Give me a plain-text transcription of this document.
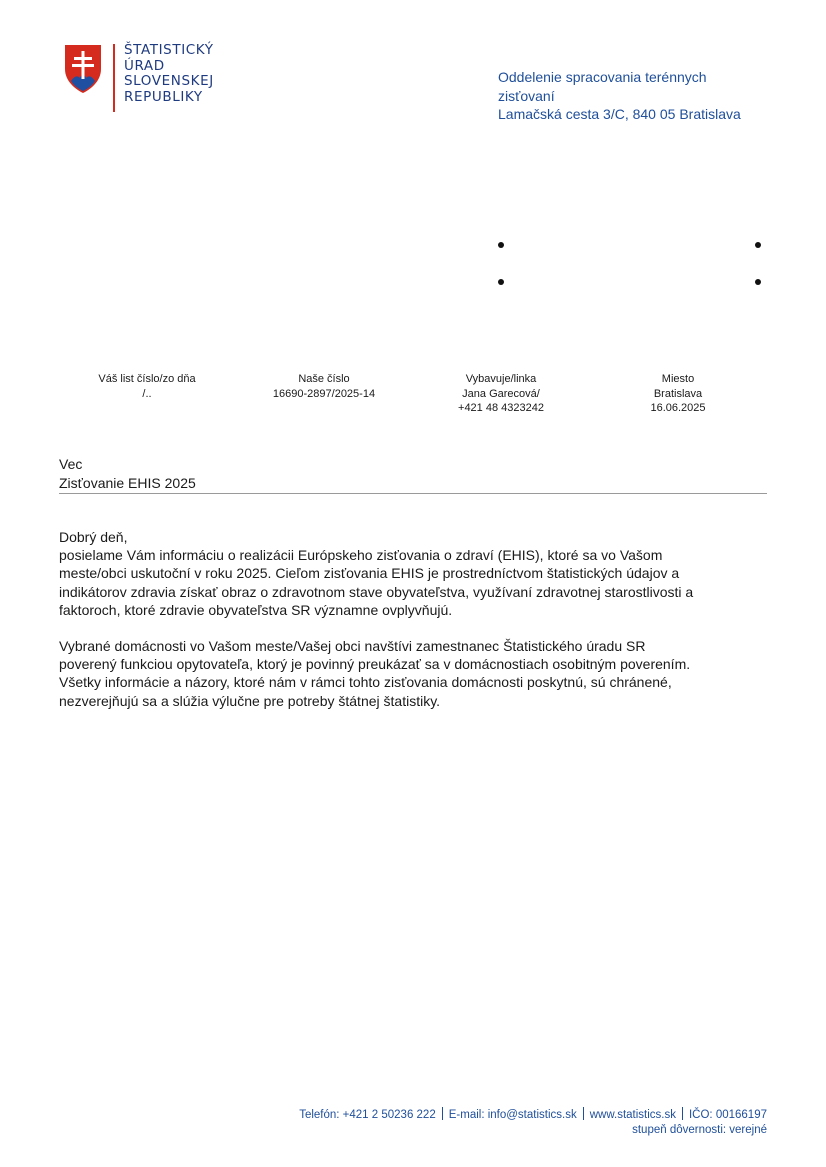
ŠTATISTICKÝ
ÚRAD
SLOVENSKEJ
REPUBLIKY
Oddelenie spracovania terénnych
zisťovaní
Lamačská cesta 3/C, 840 05 Bratislava
Váš list číslo/zo dňa
/..
Naše číslo
16690-2897/2025-14
Vybavuje/linka
Jana Garecová/
+421 48 4323242
Miesto
Bratislava
16.06.2025
Vec
Zisťovanie EHIS 2025

Dobrý deň,
posielame Vám informáciu o realizácii Európskeho zisťovania o zdraví (EHIS), ktoré sa vo Vašom
meste/obci uskutoční v roku 2025. Cieľom zisťovania EHIS je prostredníctvom štatistických údajov a
indikátorov zdravia získať obraz o zdravotnom stave obyvateľstva, využívaní zdravotnej starostlivosti a
faktoroch, ktoré zdravie obyvateľstva SR významne ovplyvňujú.

Vybrané domácnosti vo Vašom meste/Vašej obci navštívi zamestnanec Štatistického úradu SR
poverený funkciou opytovateľa, ktorý je povinný preukázať sa v domácnostiach osobitným poverením.
Všetky informácie a názory, ktoré nám v rámci tohto zisťovania domácnosti poskytnú, sú chránené,
nezverejňujú sa a slúžia výlučne pre potreby štátnej štatistiky.

Telefón: +421 2 50236 222 E-mail: info@statistics.sk www.statistics.sk IČO: 00166197
stupeň dôvernosti: verejné
